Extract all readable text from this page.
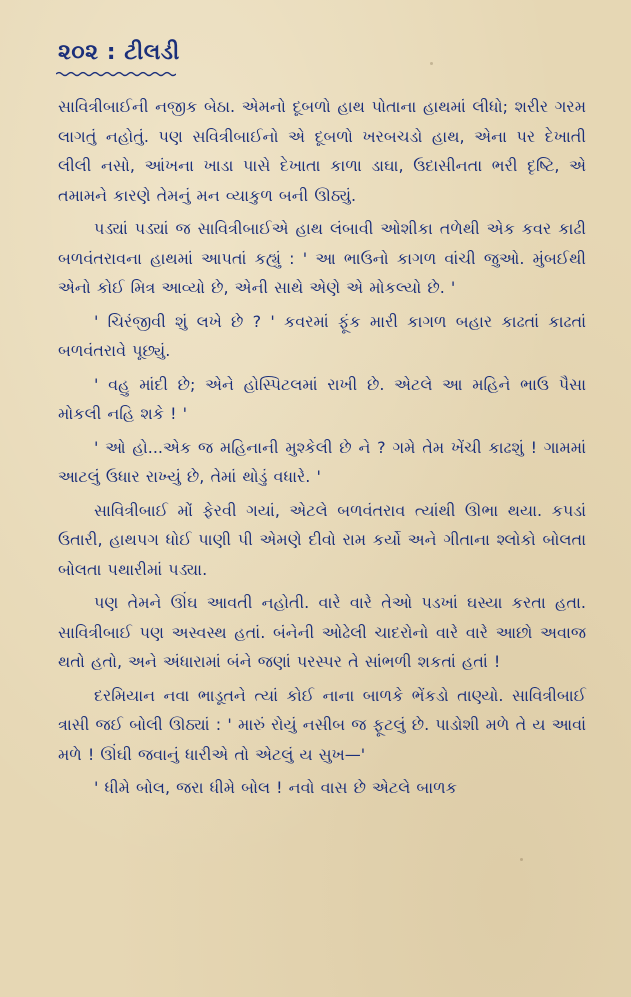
૨૦૨ : ટીલડી

સાવિત્રીબાઈની નજીક બેઠા. એમનો દૂબળો હાથ પોતાના હાથમાં લીધો; શરીર ગરમ લાગતું નહોતું. પણ સવિત્રીબાઈનો એ દૂબળો ખરબચડો હાથ, એના પર દેખાતી લીલી નસો, આંખના ખાડા પાસે દેખાતા કાળા ડાઘા, ઉદાસીનતા ભરી દૃષ્ટિ, એ તમામને કારણે તેમનું મન વ્યાકુળ બની ઊઠ્યું.

પડ્યાં પડ્યાં જ સાવિત્રીબાઈએ હાથ લંબાવી ઓશીકા તળેથી એક કવર કાઢી બળવંતરાવના હાથમાં આપતાં કહ્યું : ' આ ભાઉનો કાગળ વાંચી જુઓ. મુંબઈથી એનો કોઈ મિત્ર આવ્યો છે, એની સાથે એણે એ મોકલ્યો છે. '

' ચિરંજીવી શું લખે છે ? ' કવરમાં ફૂંક મારી કાગળ બહાર કાઢતાં કાઢતાં બળવંતરાવે પૂછ્યું.

' વહુ માંદી છે; એને હોસ્પિટલમાં રાખી છે. એટલે આ મહિને ભાઉ પૈસા મોકલી નહિ શકે ! '

' ઓ હો...એક જ મહિનાની મુશ્કેલી છે ને ? ગમે તેમ ખેંચી કાઢશું ! ગામમાં આટલું ઉધાર રાખ્યું છે, તેમાં થોડું વધારે. '

સાવિત્રીબાઈ મોં ફેરવી ગયાં, એટલે બળવંતરાવ ત્યાંથી ઊભા થયા. કપડાં ઉતારી, હાથપગ ધોઈ પાણી પી એમણે દીવો રામ કર્યો અને ગીતાના શ્લોકો બોલતા બોલતા પથારીમાં પડ્યા.

પણ તેમને ઊંઘ આવતી નહોતી. વારે વારે તેઓ પડખાં ઘસ્યા કરતા હતા. સાવિત્રીબાઈ પણ અસ્વસ્થ હતાં. બંનેની ઓઢેલી ચાદરોનો વારે વારે આછો અવાજ થતો હતો, અને અંધારામાં બંને જણાં પરસ્પર તે સાંભળી શકતાં હતાં !

દરમિયાન નવા ભાડૂતને ત્યાં કોઈ નાના બાળકે ભેંકડો તાણ્યો. સાવિત્રીબાઈ ત્રાસી જઈ બોલી ઊઠ્યાં : ' મારું રોયું નસીબ જ ફૂટલું છે. પાડોશી મળે તે ય આવાં મળે ! ઊંઘી જવાનું ધારીએ તો એટલું ય સુખ—'

' ધીમે બોલ, જરા ધીમે બોલ ! નવો વાસ છે એટલે બાળક
